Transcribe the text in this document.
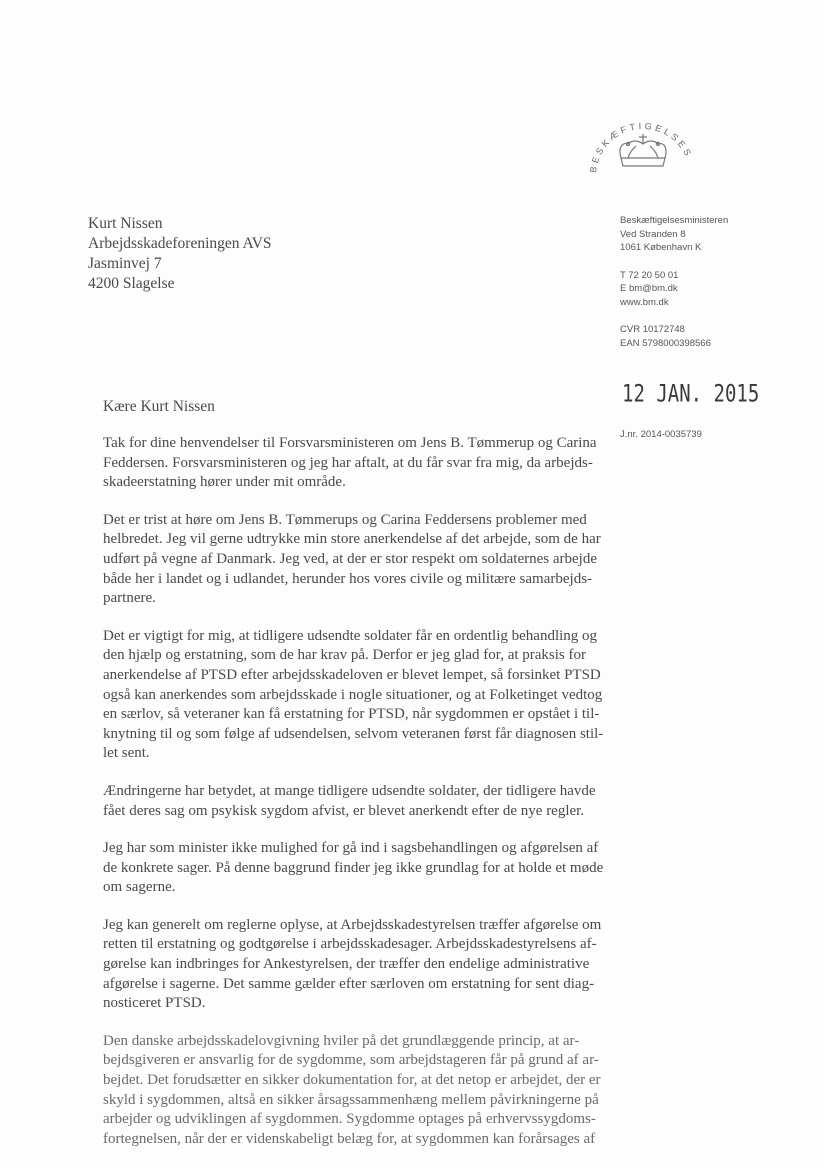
BESKÆFTIGELSES
Kurt Nissen
Arbejdsskadeforeningen AVS
Jasminvej 7
4200 Slagelse
Beskæftigelsesministeren
Ved Stranden 8
1061 København K
T 72 20 50 01
E bm@bm.dk
www.bm.dk
CVR 10172748
EAN 5798000398566
12 JAN. 2015
J.nr. 2014-0035739
Kære Kurt Nissen

Tak for dine henvendelser til Forsvarsministeren om Jens B. Tømmerup og Carina
Feddersen. Forsvarsministeren og jeg har aftalt, at du får svar fra mig, da arbejds-
skadeerstatning hører under mit område.

Det er trist at høre om Jens B. Tømmerups og Carina Feddersens problemer med
helbredet. Jeg vil gerne udtrykke min store anerkendelse af det arbejde, som de har
udført på vegne af Danmark. Jeg ved, at der er stor respekt om soldaternes arbejde
både her i landet og i udlandet, herunder hos vores civile og militære samarbejds-
partnere.

Det er vigtigt for mig, at tidligere udsendte soldater får en ordentlig behandling og
den hjælp og erstatning, som de har krav på. Derfor er jeg glad for, at praksis for
anerkendelse af PTSD efter arbejdsskadeloven er blevet lempet, så forsinket PTSD
også kan anerkendes som arbejdsskade i nogle situationer, og at Folketinget vedtog
en særlov, så veteraner kan få erstatning for PTSD, når sygdommen er opstået i til-
knytning til og som følge af udsendelsen, selvom veteranen først får diagnosen stil-
let sent.

Ændringerne har betydet, at mange tidligere udsendte soldater, der tidligere havde
fået deres sag om psykisk sygdom afvist, er blevet anerkendt efter de nye regler.

Jeg har som minister ikke mulighed for gå ind i sagsbehandlingen og afgørelsen af
de konkrete sager. På denne baggrund finder jeg ikke grundlag for at holde et møde
om sagerne.

Jeg kan generelt om reglerne oplyse, at Arbejdsskadestyrelsen træffer afgørelse om
retten til erstatning og godtgørelse i arbejdsskadesager. Arbejdsskadestyrelsens af-
gørelse kan indbringes for Ankestyrelsen, der træffer den endelige administrative
afgørelse i sagerne. Det samme gælder efter særloven om erstatning for sent diag-
nosticeret PTSD.

Den danske arbejdsskadelovgivning hviler på det grundlæggende princip, at ar-
bejdsgiveren er ansvarlig for de sygdomme, som arbejdstageren får på grund af ar-
bejdet. Det forudsætter en sikker dokumentation for, at det netop er arbejdet, der er
skyld i sygdommen, altså en sikker årsagssammenhæng mellem påvirkningerne på
arbejder og udviklingen af sygdommen. Sygdomme optages på erhvervssygdoms-
fortegnelsen, når der er videnskabeligt belæg for, at sygdommen kan forårsages af
